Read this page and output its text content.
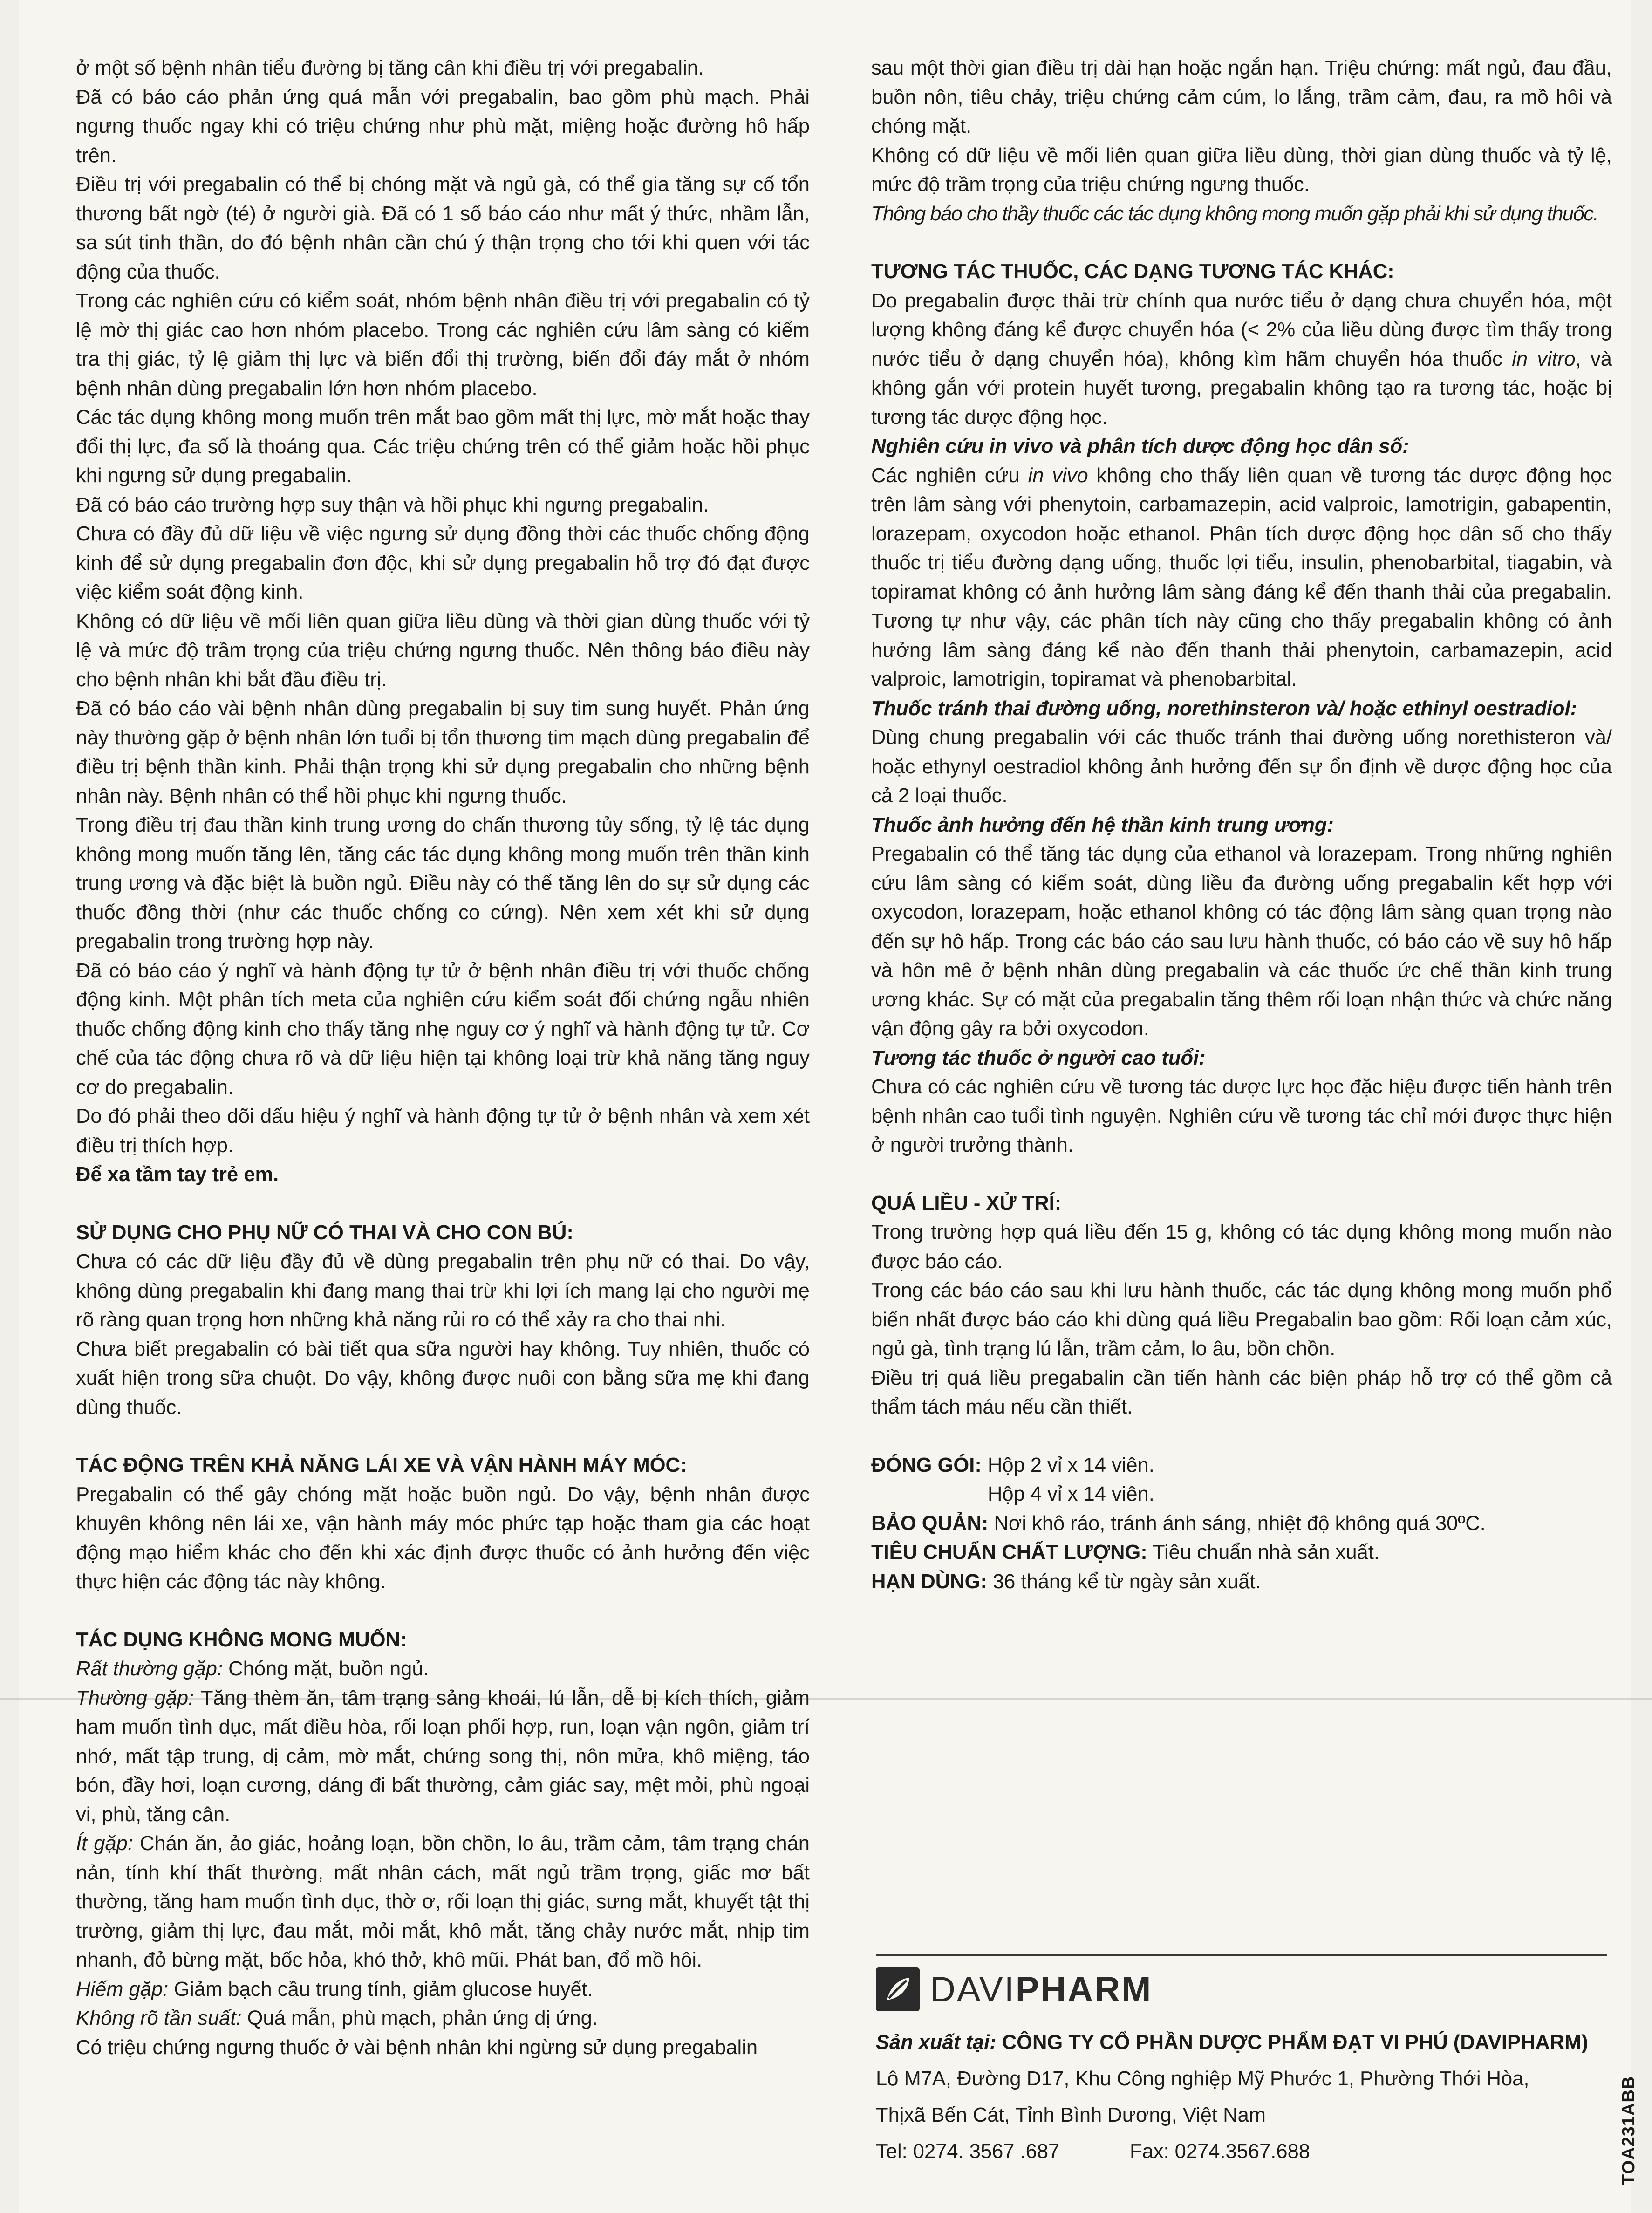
ở một số bệnh nhân tiểu đường bị tăng cân khi điều trị với pregabalin.

Đã có báo cáo phản ứng quá mẫn với pregabalin, bao gồm phù mạch. Phải ngưng thuốc ngay khi có triệu chứng như phù mặt, miệng hoặc đường hô hấp trên.

Điều trị với pregabalin có thể bị chóng mặt và ngủ gà, có thể gia tăng sự cố tổn thương bất ngờ (té) ở người già. Đã có 1 số báo cáo như mất ý thức, nhầm lẫn, sa sút tinh thần, do đó bệnh nhân cần chú ý thận trọng cho tới khi quen với tác động của thuốc.

Trong các nghiên cứu có kiểm soát, nhóm bệnh nhân điều trị với pregabalin có tỷ lệ mờ thị giác cao hơn nhóm placebo. Trong các nghiên cứu lâm sàng có kiểm tra thị giác, tỷ lệ giảm thị lực và biến đổi thị trường, biến đổi đáy mắt ở nhóm bệnh nhân dùng pregabalin lớn hơn nhóm placebo.

Các tác dụng không mong muốn trên mắt bao gồm mất thị lực, mờ mắt hoặc thay đổi thị lực, đa số là thoáng qua. Các triệu chứng trên có thể giảm hoặc hồi phục khi ngưng sử dụng pregabalin.

Đã có báo cáo trường hợp suy thận và hồi phục khi ngưng pregabalin.

Chưa có đầy đủ dữ liệu về việc ngưng sử dụng đồng thời các thuốc chống động kinh để sử dụng pregabalin đơn độc, khi sử dụng pregabalin hỗ trợ đó đạt được việc kiểm soát động kinh.

Không có dữ liệu về mối liên quan giữa liều dùng và thời gian dùng thuốc với tỷ lệ và mức độ trầm trọng của triệu chứng ngưng thuốc. Nên thông báo điều này cho bệnh nhân khi bắt đầu điều trị.

Đã có báo cáo vài bệnh nhân dùng pregabalin bị suy tim sung huyết. Phản ứng này thường gặp ở bệnh nhân lớn tuổi bị tổn thương tim mạch dùng pregabalin để điều trị bệnh thần kinh. Phải thận trọng khi sử dụng pregabalin cho những bệnh nhân này. Bệnh nhân có thể hồi phục khi ngưng thuốc.

Trong điều trị đau thần kinh trung ương do chấn thương tủy sống, tỷ lệ tác dụng không mong muốn tăng lên, tăng các tác dụng không mong muốn trên thần kinh trung ương và đặc biệt là buồn ngủ. Điều này có thể tăng lên do sự sử dụng các thuốc đồng thời (như các thuốc chống co cứng). Nên xem xét khi sử dụng pregabalin trong trường hợp này.

Đã có báo cáo ý nghĩ và hành động tự tử ở bệnh nhân điều trị với thuốc chống động kinh. Một phân tích meta của nghiên cứu kiểm soát đối chứng ngẫu nhiên thuốc chống động kinh cho thấy tăng nhẹ nguy cơ ý nghĩ và hành động tự tử. Cơ chế của tác động chưa rõ và dữ liệu hiện tại không loại trừ khả năng tăng nguy cơ do pregabalin.

Do đó phải theo dõi dấu hiệu ý nghĩ và hành động tự tử ở bệnh nhân và xem xét điều trị thích hợp.

Để xa tầm tay trẻ em.

SỬ DỤNG CHO PHỤ NỮ CÓ THAI VÀ CHO CON BÚ:

Chưa có các dữ liệu đầy đủ về dùng pregabalin trên phụ nữ có thai. Do vậy, không dùng pregabalin khi đang mang thai trừ khi lợi ích mang lại cho người mẹ rõ ràng quan trọng hơn những khả năng rủi ro có thể xảy ra cho thai nhi.

Chưa biết pregabalin có bài tiết qua sữa người hay không. Tuy nhiên, thuốc có xuất hiện trong sữa chuột. Do vậy, không được nuôi con bằng sữa mẹ khi đang dùng thuốc.

TÁC ĐỘNG TRÊN KHẢ NĂNG LÁI XE VÀ VẬN HÀNH MÁY MÓC:

Pregabalin có thể gây chóng mặt hoặc buồn ngủ. Do vậy, bệnh nhân được khuyên không nên lái xe, vận hành máy móc phức tạp hoặc tham gia các hoạt động mạo hiểm khác cho đến khi xác định được thuốc có ảnh hưởng đến việc thực hiện các động tác này không.

TÁC DỤNG KHÔNG MONG MUỐN:

Rất thường gặp: Chóng mặt, buồn ngủ.

Thường gặp: Tăng thèm ăn, tâm trạng sảng khoái, lú lẫn, dễ bị kích thích, giảm ham muốn tình dục, mất điều hòa, rối loạn phối hợp, run, loạn vận ngôn, giảm trí nhớ, mất tập trung, dị cảm, mờ mắt, chứng song thị, nôn mửa, khô miệng, táo bón, đầy hơi, loạn cương, dáng đi bất thường, cảm giác say, mệt mỏi, phù ngoại vi, phù, tăng cân.

Ít gặp: Chán ăn, ảo giác, hoảng loạn, bồn chồn, lo âu, trầm cảm, tâm trạng chán nản, tính khí thất thường, mất nhân cách, mất ngủ trầm trọng, giấc mơ bất thường, tăng ham muốn tình dục, thờ ơ, rối loạn thị giác, sưng mắt, khuyết tật thị trường, giảm thị lực, đau mắt, mỏi mắt, khô mắt, tăng chảy nước mắt, nhịp tim nhanh, đỏ bừng mặt, bốc hỏa, khó thở, khô mũi. Phát ban, đổ mồ hôi.

Hiếm gặp: Giảm bạch cầu trung tính, giảm glucose huyết.

Không rõ tần suất: Quá mẫn, phù mạch, phản ứng dị ứng.

Có triệu chứng ngưng thuốc ở vài bệnh nhân khi ngừng sử dụng pregabalin

sau một thời gian điều trị dài hạn hoặc ngắn hạn. Triệu chứng: mất ngủ, đau đầu, buồn nôn, tiêu chảy, triệu chứng cảm cúm, lo lắng, trầm cảm, đau, ra mồ hôi và chóng mặt.

Không có dữ liệu về mối liên quan giữa liều dùng, thời gian dùng thuốc và tỷ lệ, mức độ trầm trọng của triệu chứng ngưng thuốc.

Thông báo cho thầy thuốc các tác dụng không mong muốn gặp phải khi sử dụng thuốc.

TƯƠNG TÁC THUỐC, CÁC DẠNG TƯƠNG TÁC KHÁC:

Do pregabalin được thải trừ chính qua nước tiểu ở dạng chưa chuyển hóa, một lượng không đáng kể được chuyển hóa (< 2% của liều dùng được tìm thấy trong nước tiểu ở dạng chuyển hóa), không kìm hãm chuyển hóa thuốc in vitro, và không gắn với protein huyết tương, pregabalin không tạo ra tương tác, hoặc bị tương tác dược động học.

Nghiên cứu in vivo và phân tích dược động học dân số:

Các nghiên cứu in vivo không cho thấy liên quan về tương tác dược động học trên lâm sàng với phenytoin, carbamazepin, acid valproic, lamotrigin, gabapentin, lorazepam, oxycodon hoặc ethanol. Phân tích dược động học dân số cho thấy thuốc trị tiểu đường dạng uống, thuốc lợi tiểu, insulin, phenobarbital, tiagabin, và topiramat không có ảnh hưởng lâm sàng đáng kể đến thanh thải của pregabalin. Tương tự như vậy, các phân tích này cũng cho thấy pregabalin không có ảnh hưởng lâm sàng đáng kể nào đến thanh thải phenytoin, carbamazepin, acid valproic, lamotrigin, topiramat và phenobarbital.

Thuốc tránh thai đường uống, norethinsteron và/ hoặc ethinyl oestradiol:

Dùng chung pregabalin với các thuốc tránh thai đường uống norethisteron và/ hoặc ethynyl oestradiol không ảnh hưởng đến sự ổn định về dược động học của cả 2 loại thuốc.

Thuốc ảnh hưởng đến hệ thần kinh trung ương:

Pregabalin có thể tăng tác dụng của ethanol và lorazepam. Trong những nghiên cứu lâm sàng có kiểm soát, dùng liều đa đường uống pregabalin kết hợp với oxycodon, lorazepam, hoặc ethanol không có tác động lâm sàng quan trọng nào đến sự hô hấp. Trong các báo cáo sau lưu hành thuốc, có báo cáo về suy hô hấp và hôn mê ở bệnh nhân dùng pregabalin và các thuốc ức chế thần kinh trung ương khác. Sự có mặt của pregabalin tăng thêm rối loạn nhận thức và chức năng vận động gây ra bởi oxycodon.

Tương tác thuốc ở người cao tuổi:

Chưa có các nghiên cứu về tương tác dược lực học đặc hiệu được tiến hành trên bệnh nhân cao tuổi tình nguyện. Nghiên cứu về tương tác chỉ mới được thực hiện ở người trưởng thành.

QUÁ LIỀU - XỬ TRÍ:

Trong trường hợp quá liều đến 15 g, không có tác dụng không mong muốn nào được báo cáo.

Trong các báo cáo sau khi lưu hành thuốc, các tác dụng không mong muốn phổ biến nhất được báo cáo khi dùng quá liều Pregabalin bao gồm: Rối loạn cảm xúc, ngủ gà, tình trạng lú lẫn, trầm cảm, lo âu, bồn chồn.

Điều trị quá liều pregabalin cần tiến hành các biện pháp hỗ trợ có thể gồm cả thẩm tách máu nếu cần thiết.

ĐÓNG GÓI: Hộp 2 vỉ x 14 viên.

Hộp 4 vỉ x 14 viên.

BẢO QUẢN: Nơi khô ráo, tránh ánh sáng, nhiệt độ không quá 30ºC.

TIÊU CHUẨN CHẤT LƯỢNG: Tiêu chuẩn nhà sản xuất.

HẠN DÙNG: 36 tháng kể từ ngày sản xuất.

DAVIPHARM

Sản xuất tại: CÔNG TY CỔ PHẦN DƯỢC PHẨM ĐẠT VI PHÚ (DAVIPHARM)

Lô M7A, Đường D17, Khu Công nghiệp Mỹ Phước 1, Phường Thới Hòa,

Thịxã Bến Cát, Tỉnh Bình Dương, Việt Nam

Tel: 0274. 3567 .687	Fax: 0274.3567.688	TOA231ABB
